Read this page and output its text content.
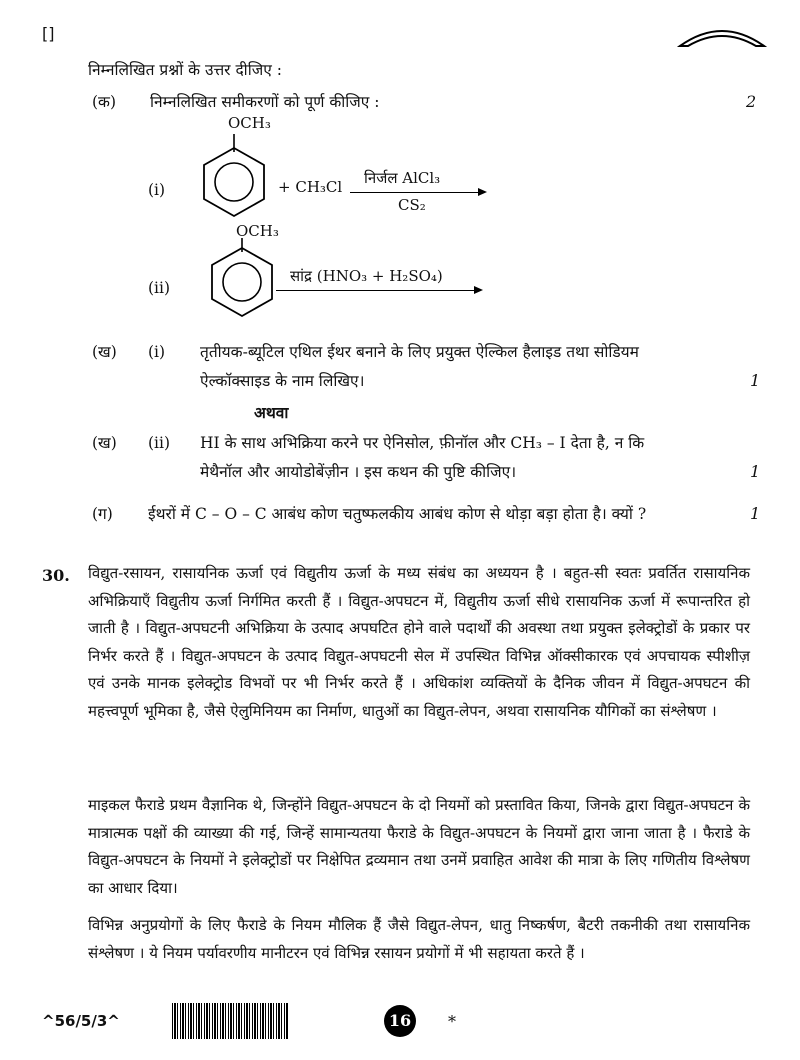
[]
निम्नलिखित प्रश्नों के उत्तर दीजिए :
(क) निम्नलिखित समीकरणों को पूर्ण कीजिए :	2
(i)
OCH₃
+ CH₃Cl निर्जल AlCl₃
CS₂
(ii)
OCH₃
सांद्र (HNO₃ + H₂SO₄)
(ख) (i) तृतीयक-ब्यूटिल एथिल ईथर बनाने के लिए प्रयुक्त ऐल्किल हैलाइड तथा सोडियम
ऐल्कॉक्साइड के नाम लिखिए।	1
अथवा
(ख) (ii) HI के साथ अभिक्रिया करने पर ऐनिसोल, फ़ीनॉल और CH₃ – I देता है, न कि
मेथैनॉल और आयोडोबेंज़ीन । इस कथन की पुष्टि कीजिए।	1
(ग) ईथरों में C – O – C आबंध कोण चतुष्फलकीय आबंध कोण से थोड़ा बड़ा होता है। क्यों ?	1
30. विद्युत-रसायन, रासायनिक ऊर्जा एवं विद्युतीय ऊर्जा के मध्य संबंध का अध्ययन है । बहुत-सी स्वतः प्रवर्तित रासायनिक अभिक्रियाएँ विद्युतीय ऊर्जा निर्गमित करती हैं । विद्युत-अपघटन में, विद्युतीय ऊर्जा सीधे रासायनिक ऊर्जा में रूपान्तरित हो जाती है । विद्युत-अपघटनी अभिक्रिया के उत्पाद अपघटित होने वाले पदार्थों की अवस्था तथा प्रयुक्त इलेक्ट्रोडों के प्रकार पर निर्भर करते हैं । विद्युत-अपघटन के उत्पाद विद्युत-अपघटनी सेल में उपस्थित विभिन्न ऑक्सीकारक एवं अपचायक स्पीशीज़ एवं उनके मानक इलेक्ट्रोड विभवों पर भी निर्भर करते हैं । अधिकांश व्यक्तियों के दैनिक जीवन में विद्युत-अपघटन की महत्त्वपूर्ण भूमिका है, जैसे ऐलुमिनियम का निर्माण, धातुओं का विद्युत-लेपन, अथवा रासायनिक यौगिकों का संश्लेषण ।
माइकल फैराडे प्रथम वैज्ञानिक थे, जिन्होंने विद्युत-अपघटन के दो नियमों को प्रस्तावित किया, जिनके द्वारा विद्युत-अपघटन के मात्रात्मक पक्षों की व्याख्या की गई, जिन्हें सामान्यतया फैराडे के विद्युत-अपघटन के नियमों द्वारा जाना जाता है । फैराडे के विद्युत-अपघटन के नियमों ने इलेक्ट्रोडों पर निक्षेपित द्रव्यमान तथा उनमें प्रवाहित आवेश की मात्रा के लिए गणितीय विश्लेषण का आधार दिया।
विभिन्न अनुप्रयोगों के लिए फैराडे के नियम मौलिक हैं जैसे विद्युत-लेपन, धातु निष्कर्षण, बैटरी तकनीकी तथा रासायनिक संश्लेषण । ये नियम पर्यावरणीय मानीटरन एवं विभिन्न रसायन प्रयोगों में भी सहायता करते हैं ।
^56/5/3^	16	*
